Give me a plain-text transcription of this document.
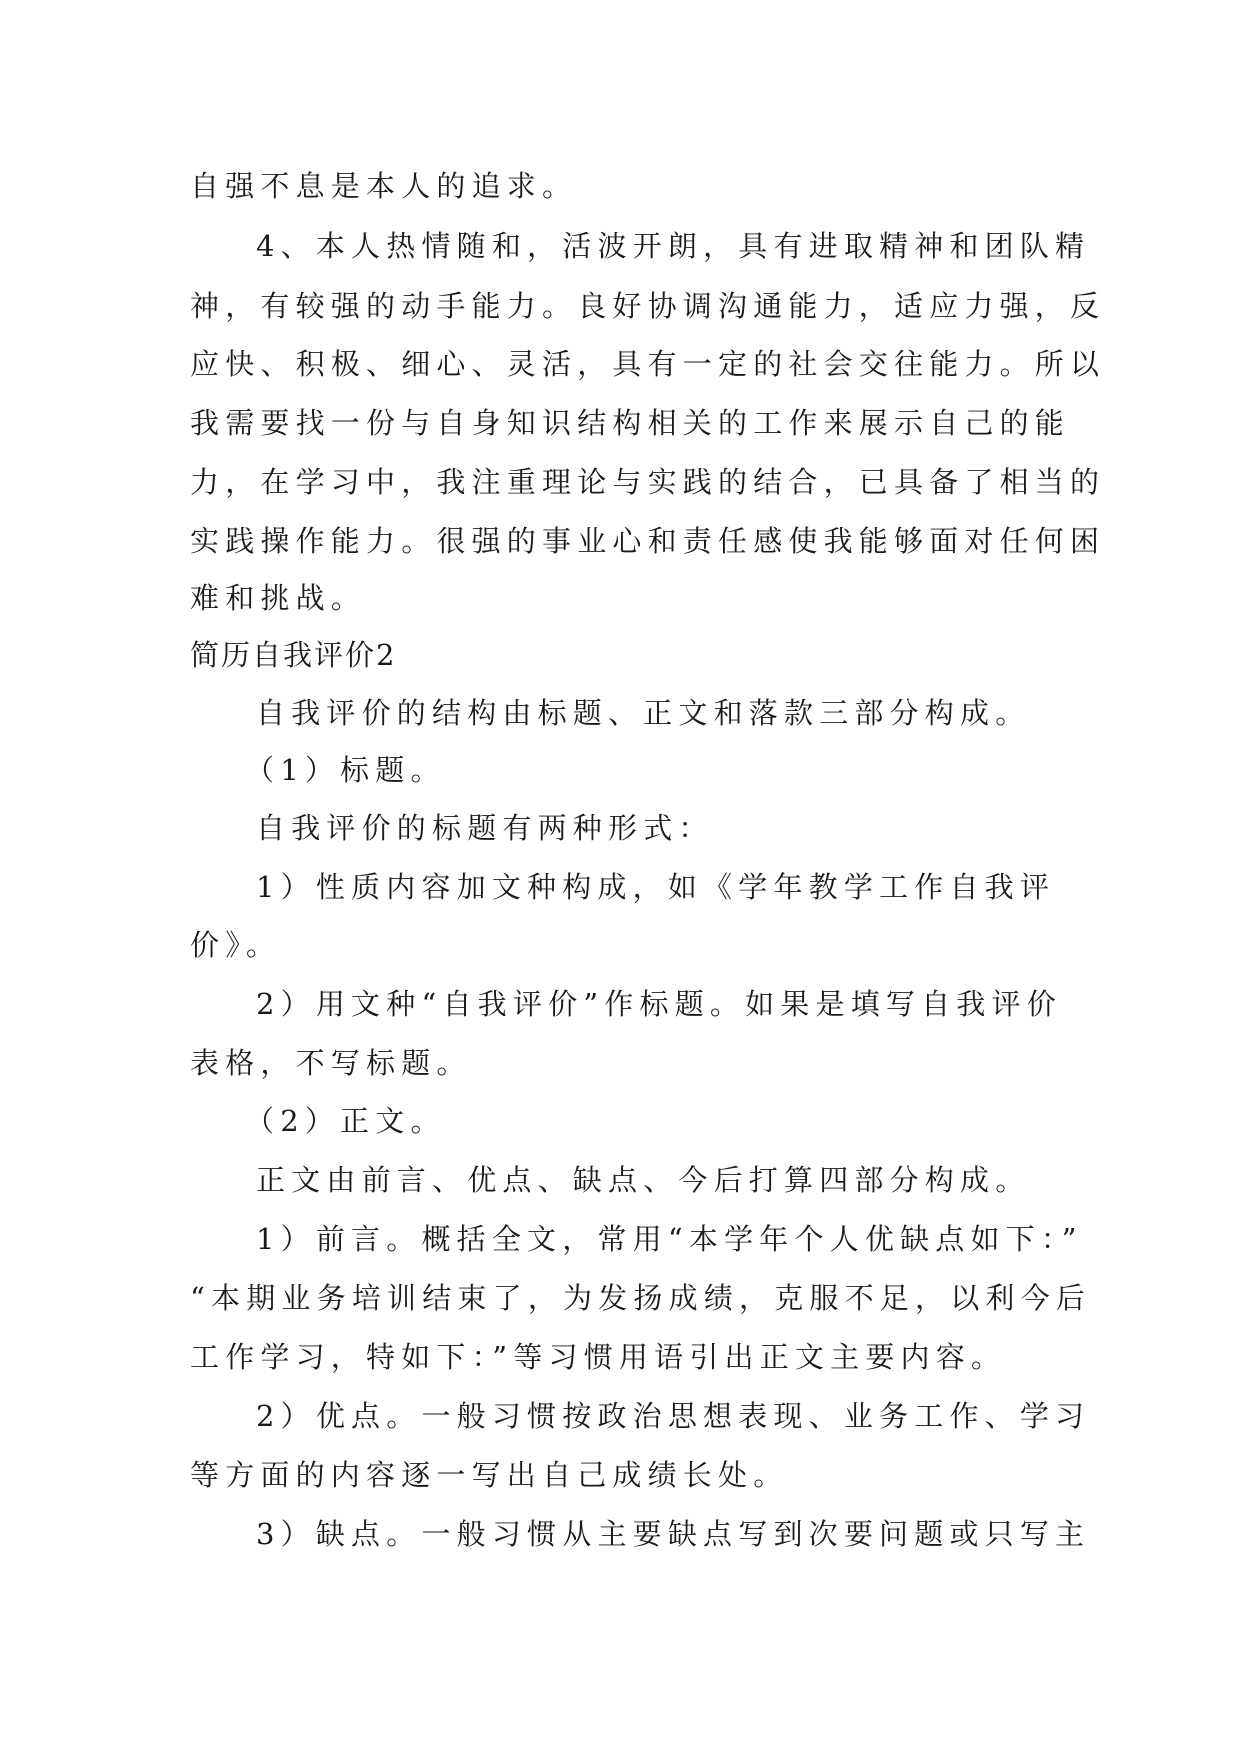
自强不息是本人的追求。
4、本人热情随和，活波开朗，具有进取精神和团队精
神，有较强的动手能力。良好协调沟通能力，适应力强，反
应快、积极、细心、灵活，具有一定的社会交往能力。所以
我需要找一份与自身知识结构相关的工作来展示自己的能
力，在学习中，我注重理论与实践的结合，已具备了相当的
实践操作能力。很强的事业心和责任感使我能够面对任何困
难和挑战。
简历自我评价2
自我评价的结构由标题、正文和落款三部分构成。
（1）标题。
自我评价的标题有两种形式：
1）性质内容加文种构成，如《学年教学工作自我评
价》。
2）用文种“自我评价”作标题。如果是填写自我评价
表格，不写标题。
（2）正文。
正文由前言、优点、缺点、今后打算四部分构成。
1）前言。概括全文，常用“本学年个人优缺点如下：”
“本期业务培训结束了，为发扬成绩，克服不足，以利今后
工作学习，特如下：”等习惯用语引出正文主要内容。
2）优点。一般习惯按政治思想表现、业务工作、学习
等方面的内容逐一写出自己成绩长处。
3）缺点。一般习惯从主要缺点写到次要问题或只写主
